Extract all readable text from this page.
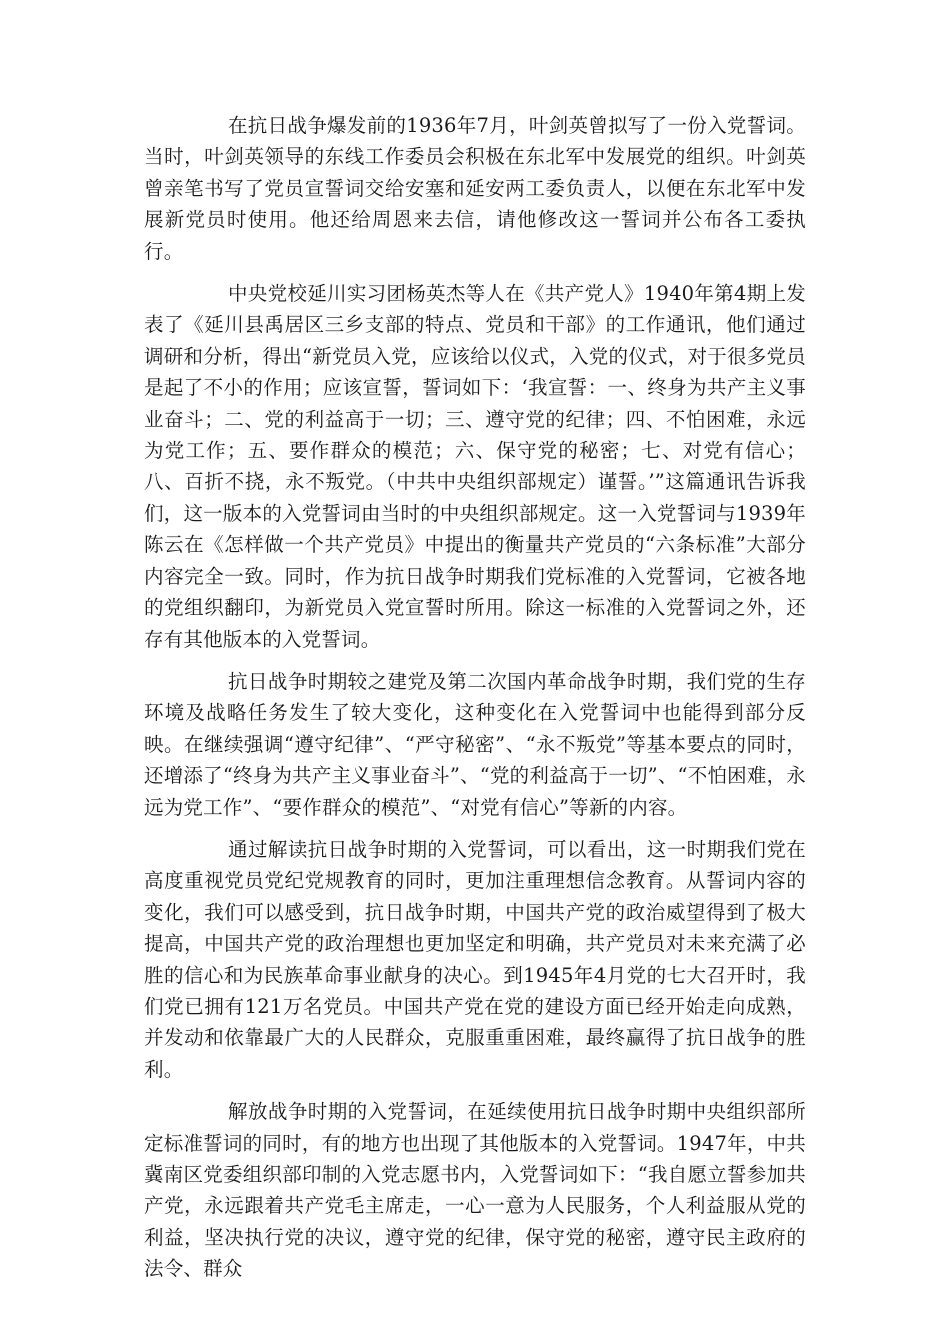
在抗日战争爆发前的1936年7月，叶剑英曾拟写了一份入党誓词。当时，叶剑英领导的东线工作委员会积极在东北军中发展党的组织。叶剑英曾亲笔书写了党员宣誓词交给安塞和延安两工委负责人，以便在东北军中发展新党员时使用。他还给周恩来去信，请他修改这一誓词并公布各工委执行。

中央党校延川实习团杨英杰等人在《共产党人》1940年第4期上发表了《延川县禹居区三乡支部的特点、党员和干部》的工作通讯，他们通过调研和分析，得出“新党员入党，应该给以仪式，入党的仪式，对于很多党员是起了不小的作用；应该宣誓，誓词如下：‘我宣誓：一、终身为共产主义事业奋斗；二、党的利益高于一切；三、遵守党的纪律；四、不怕困难，永远为党工作；五、要作群众的模范；六、保守党的秘密；七、对党有信心；八、百折不挠，永不叛党。（中共中央组织部规定）谨誓。’”这篇通讯告诉我们，这一版本的入党誓词由当时的中央组织部规定。这一入党誓词与1939年陈云在《怎样做一个共产党员》中提出的衡量共产党员的“六条标准”大部分内容完全一致。同时，作为抗日战争时期我们党标准的入党誓词，它被各地的党组织翻印，为新党员入党宣誓时所用。除这一标准的入党誓词之外，还存有其他版本的入党誓词。

抗日战争时期较之建党及第二次国内革命战争时期，我们党的生存环境及战略任务发生了较大变化，这种变化在入党誓词中也能得到部分反映。在继续强调“遵守纪律”、“严守秘密”、“永不叛党”等基本要点的同时，还增添了“终身为共产主义事业奋斗”、“党的利益高于一切”、“不怕困难，永远为党工作”、“要作群众的模范”、“对党有信心”等新的内容。

通过解读抗日战争时期的入党誓词，可以看出，这一时期我们党在高度重视党员党纪党规教育的同时，更加注重理想信念教育。从誓词内容的变化，我们可以感受到，抗日战争时期，中国共产党的政治威望得到了极大提高，中国共产党的政治理想也更加坚定和明确，共产党员对未来充满了必胜的信心和为民族革命事业献身的决心。到1945年4月党的七大召开时，我们党已拥有121万名党员。中国共产党在党的建设方面已经开始走向成熟，并发动和依靠最广大的人民群众，克服重重困难，最终赢得了抗日战争的胜利。

解放战争时期的入党誓词，在延续使用抗日战争时期中央组织部所定标准誓词的同时，有的地方也出现了其他版本的入党誓词。1947年，中共冀南区党委组织部印制的入党志愿书内，入党誓词如下：“我自愿立誓参加共产党，永远跟着共产党毛主席走，一心一意为人民服务，个人利益服从党的利益，坚决执行党的决议，遵守党的纪律，保守党的秘密，遵守民主政府的法令、群众
